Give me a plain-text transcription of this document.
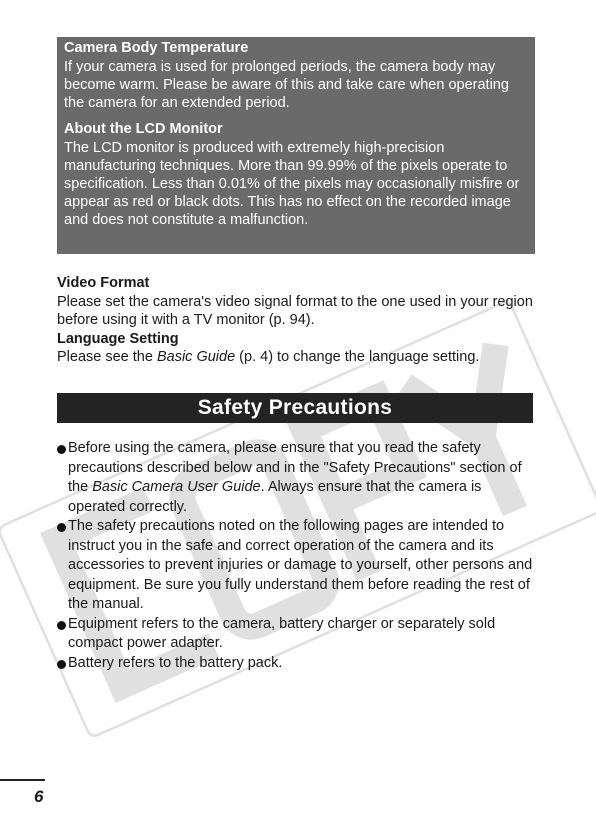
Camera Body Temperature

If your camera is used for prolonged periods, the camera body may become warm. Please be aware of this and take care when operating the camera for an extended period.

About the LCD Monitor

The LCD monitor is produced with extremely high-precision manufacturing techniques. More than 99.99% of the pixels operate to specification. Less than 0.01% of the pixels may occasionally misfire or appear as red or black dots. This has no effect on the recorded image and does not constitute a malfunction.

Video Format

Please set the camera's video signal format to the one used in your region before using it with a TV monitor (p. 94).

Language Setting

Please see the Basic Guide (p. 4) to change the language setting.

Safety Precautions

Before using the camera, please ensure that you read the safety precautions described below and in the "Safety Precautions" section of the Basic Camera User Guide. Always ensure that the camera is operated correctly.

The safety precautions noted on the following pages are intended to instruct you in the safe and correct operation of the camera and its accessories to prevent injuries or damage to yourself, other persons and equipment. Be sure you fully understand them before reading the rest of the manual.

Equipment refers to the camera, battery charger or separately sold compact power adapter.

Battery refers to the battery pack.

6
